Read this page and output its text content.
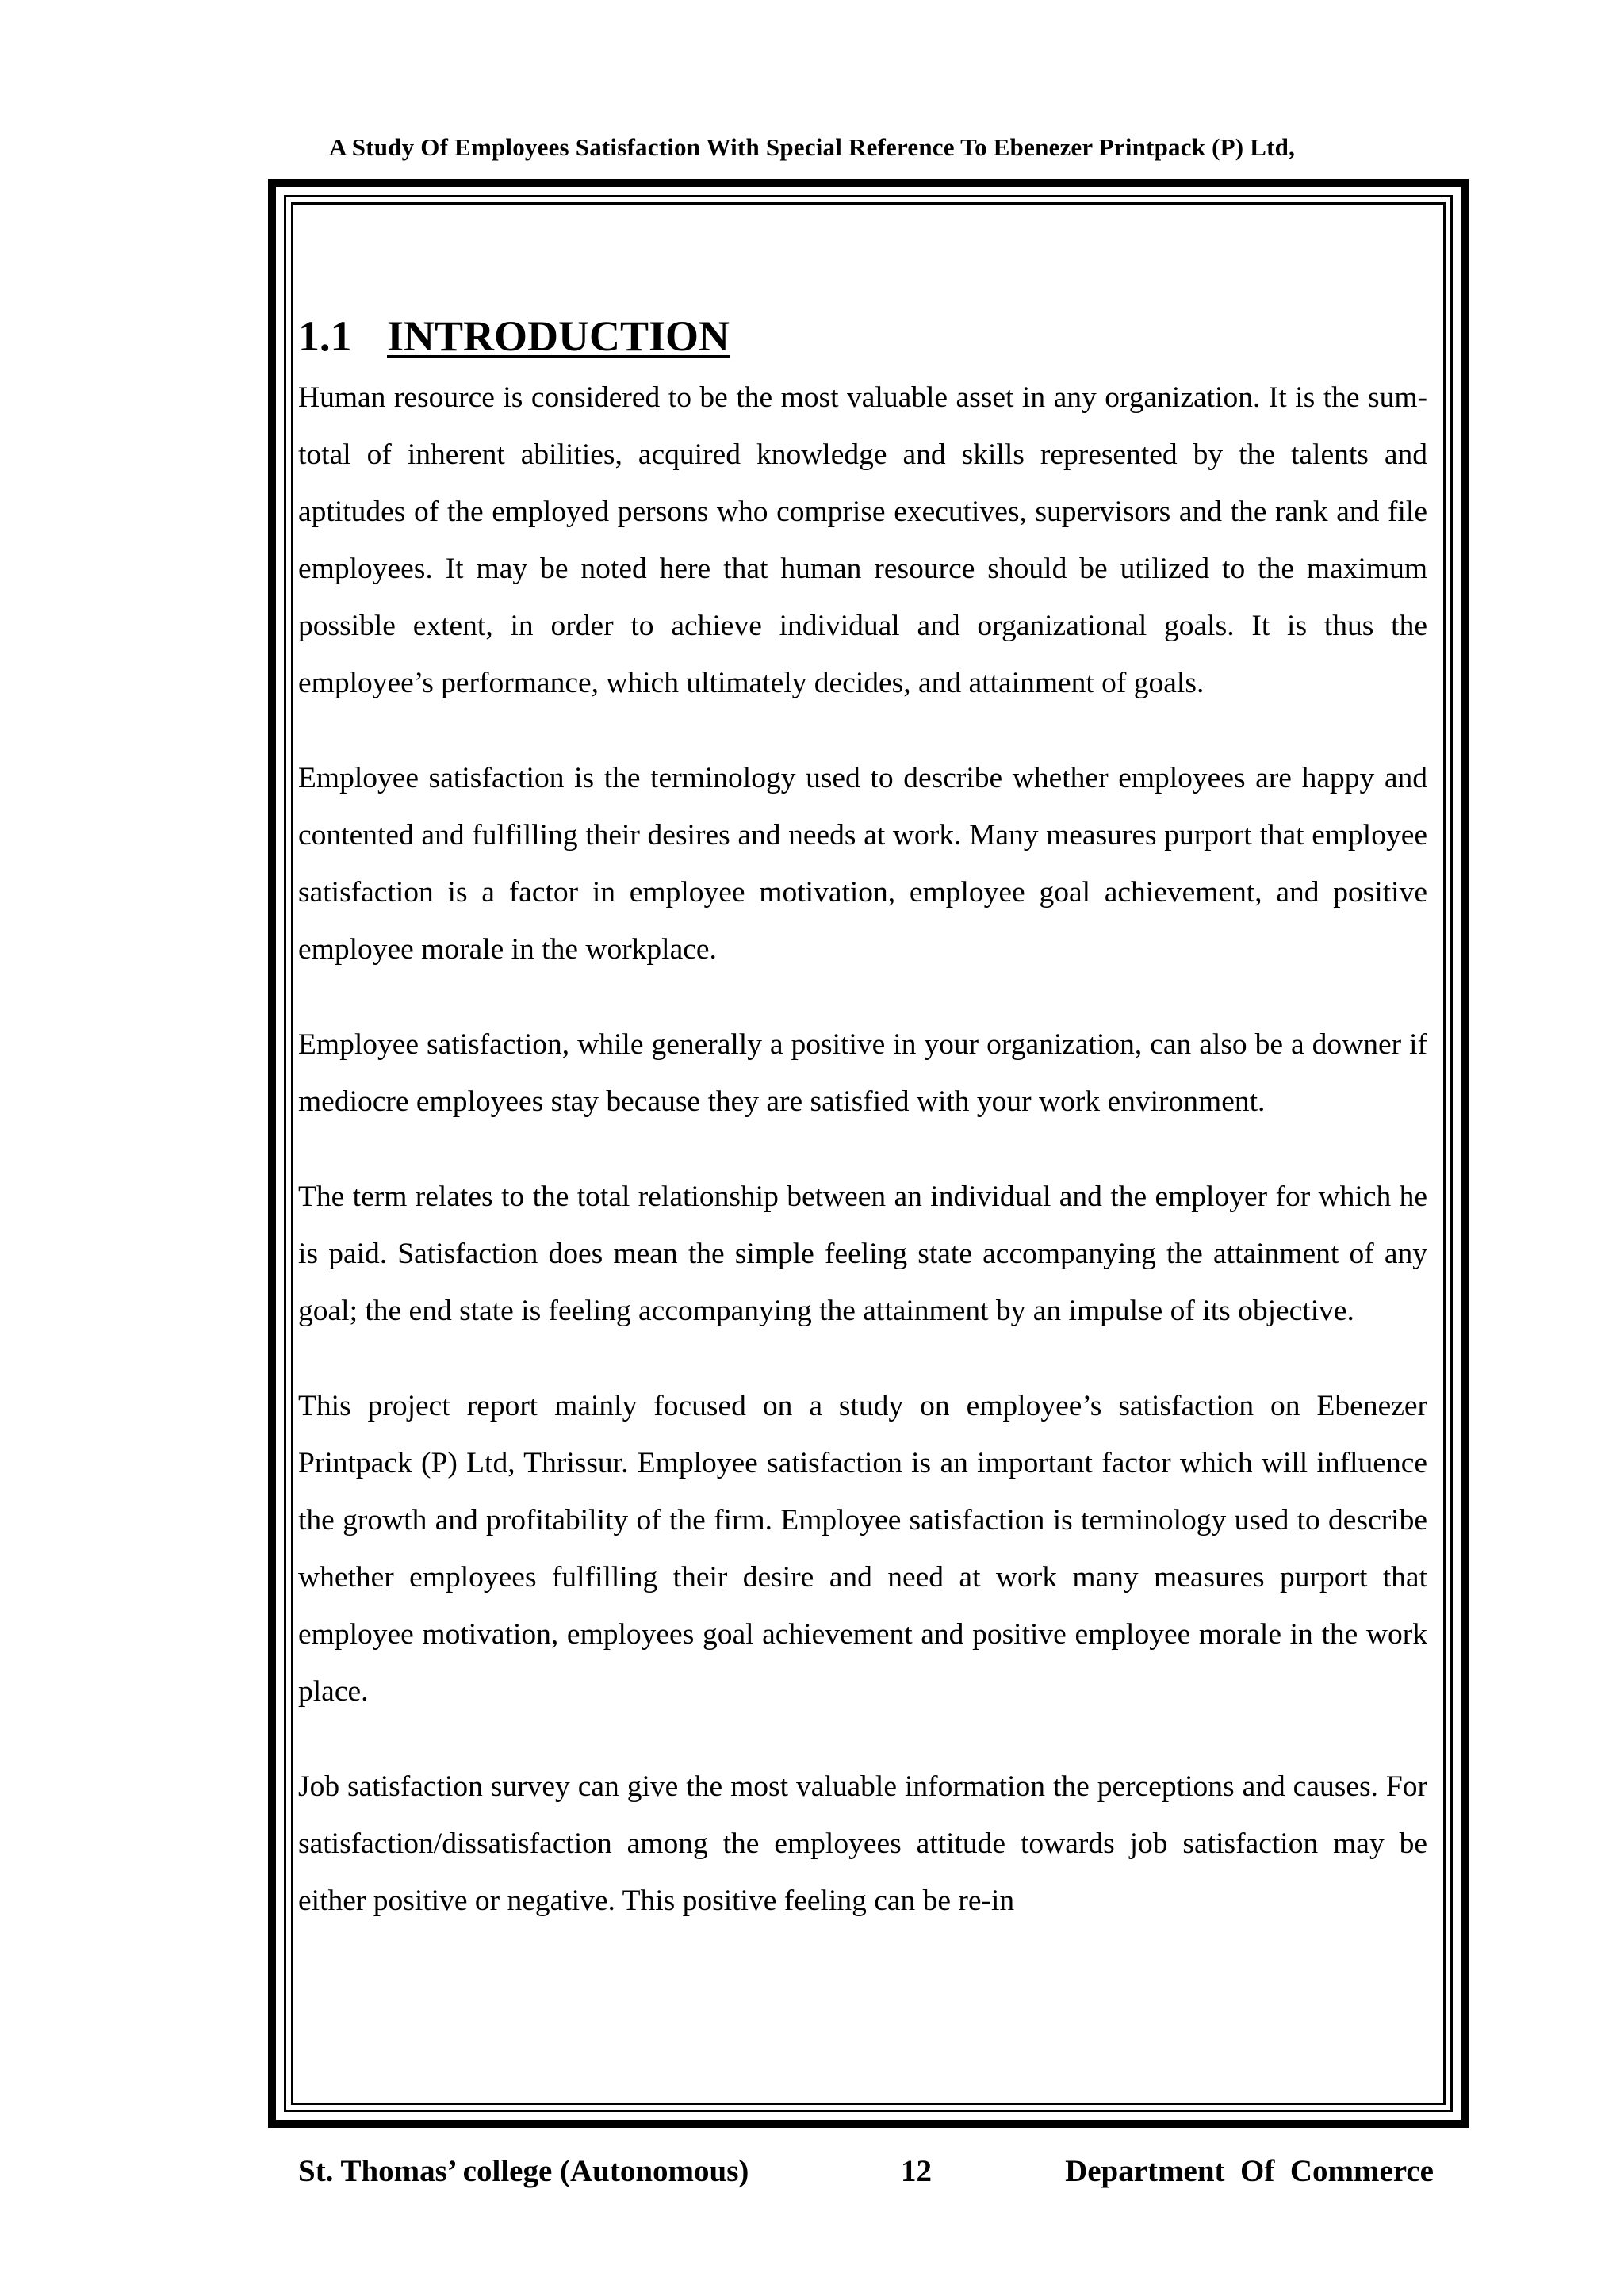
A Study Of Employees Satisfaction With Special Reference To Ebenezer Printpack (P) Ltd,
1.1 INTRODUCTION

Human resource is considered to be the most valuable asset in any organization. It is the sum-total of inherent abilities, acquired knowledge and skills represented by the talents and aptitudes of the employed persons who comprise executives, supervisors and the rank and file employees. It may be noted here that human resource should be utilized to the maximum possible extent, in order to achieve individual and organizational goals. It is thus the employee’s performance, which ultimately decides, and attainment of goals.

Employee satisfaction is the terminology used to describe whether employees are happy and contented and fulfilling their desires and needs at work. Many measures purport that employee satisfaction is a factor in employee motivation, employee goal achievement, and positive employee morale in the workplace.

Employee satisfaction, while generally a positive in your organization, can also be a downer if mediocre employees stay because they are satisfied with your work environment.

The term relates to the total relationship between an individual and the employer for which he is paid. Satisfaction does mean the simple feeling state accompanying the attainment of any goal; the end state is feeling accompanying the attainment by an impulse of its objective.

This project report mainly focused on a study on employee’s satisfaction on Ebenezer Printpack (P) Ltd, Thrissur. Employee satisfaction is an important factor which will influence the growth and profitability of the firm. Employee satisfaction is terminology used to describe whether employees fulfilling their desire and need at work many measures purport that employee motivation, employees goal achievement and positive employee morale in the work place.

Job satisfaction survey can give the most valuable information the perceptions and causes. For satisfaction/dissatisfaction among the employees attitude towards job satisfaction may be either positive or negative. This positive feeling can be re-in

St. Thomas’ college (Autonomous)	12	Department  Of  Commerce
